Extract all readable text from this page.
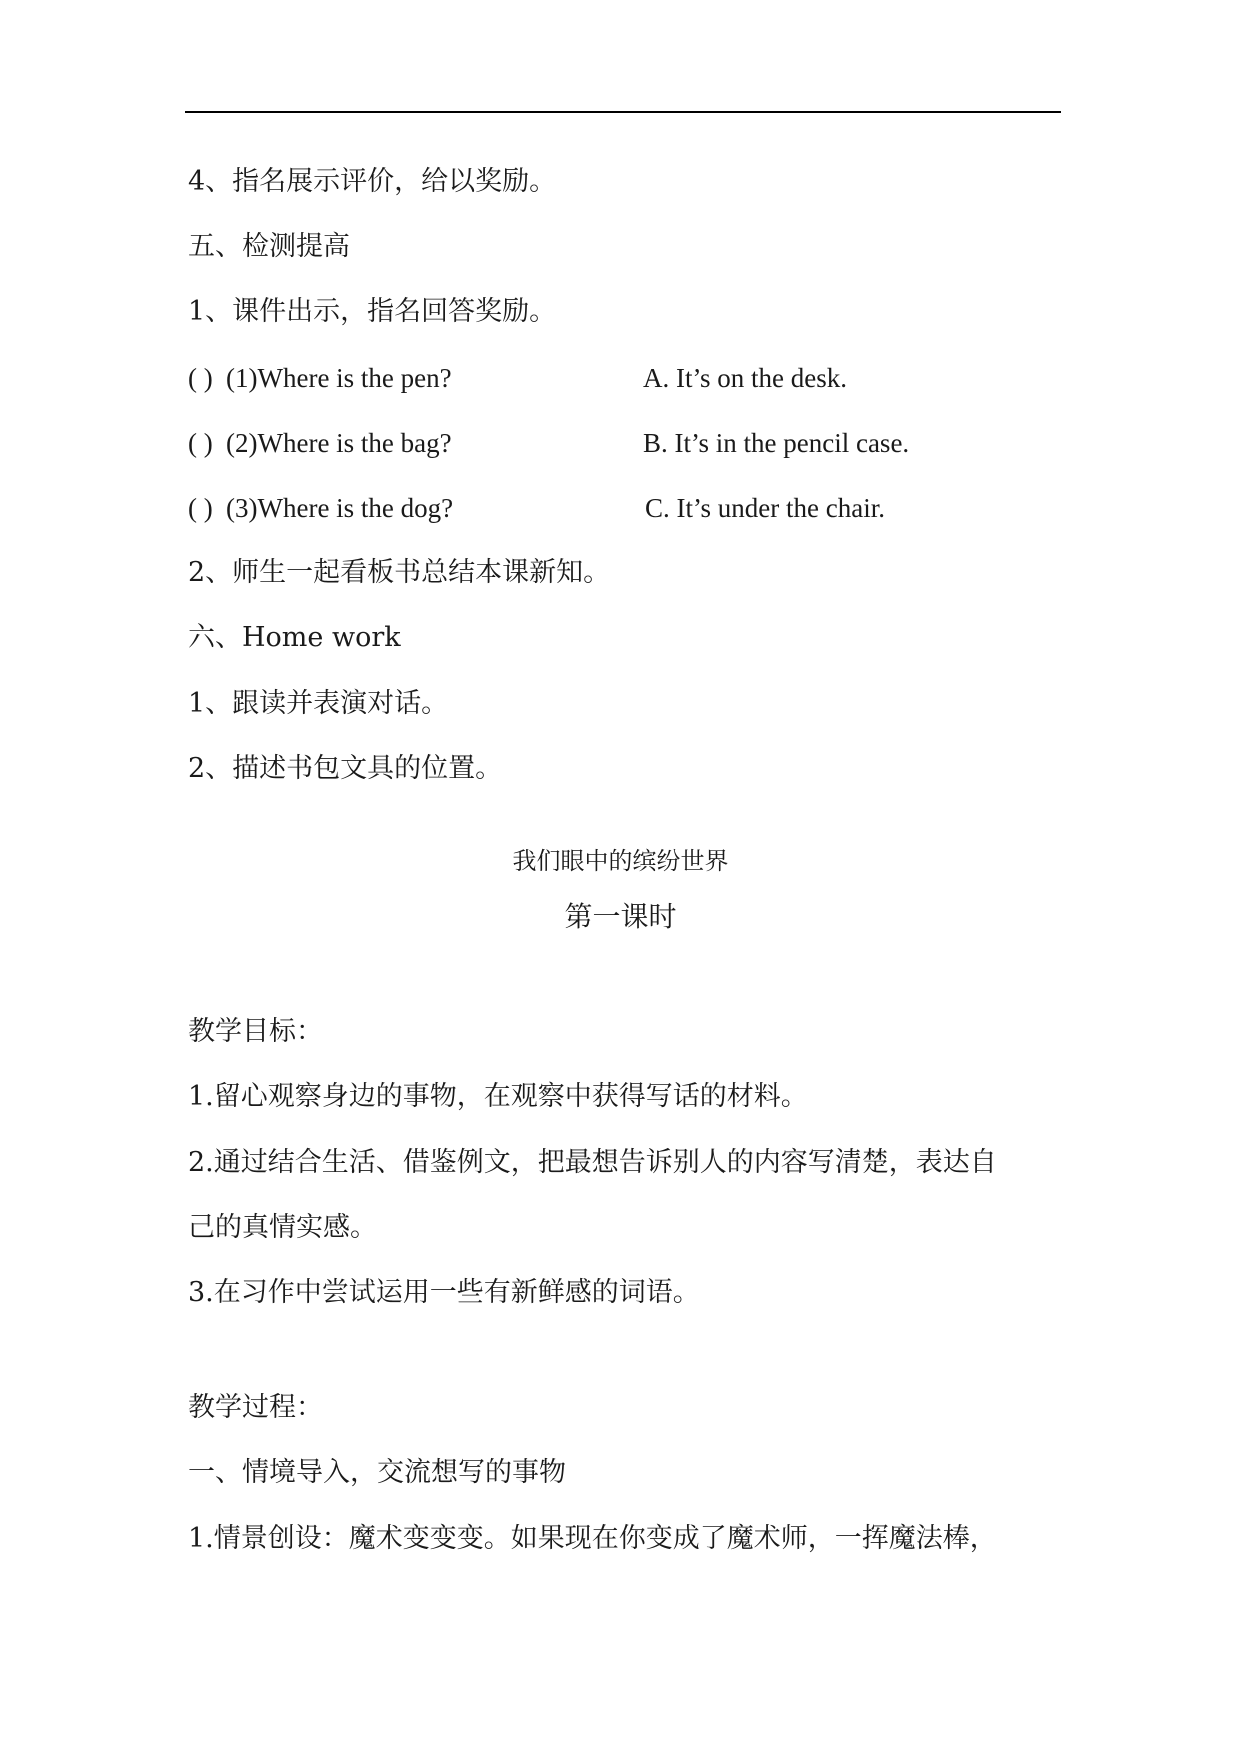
4、指名展示评价，给以奖励。
五、检测提高
1、课件出示，指名回答奖励。
( ) (1)Where is the pen?	A. It’s on the desk.
( ) (2)Where is the bag?	B. It’s in the pencil case.
( ) (3)Where is the dog?	C. It’s under the chair.
2、师生一起看板书总结本课新知。
六、Home work
1、跟读并表演对话。
2、描述书包文具的位置。
我们眼中的缤纷世界
第一课时
教学目标：
1.留心观察身边的事物，在观察中获得写话的材料。
2.通过结合生活、借鉴例文，把最想告诉别人的内容写清楚，表达自
己的真情实感。
3.在习作中尝试运用一些有新鲜感的词语。
教学过程：
一、情境导入，交流想写的事物
1.情景创设：魔术变变变。如果现在你变成了魔术师，一挥魔法棒，
